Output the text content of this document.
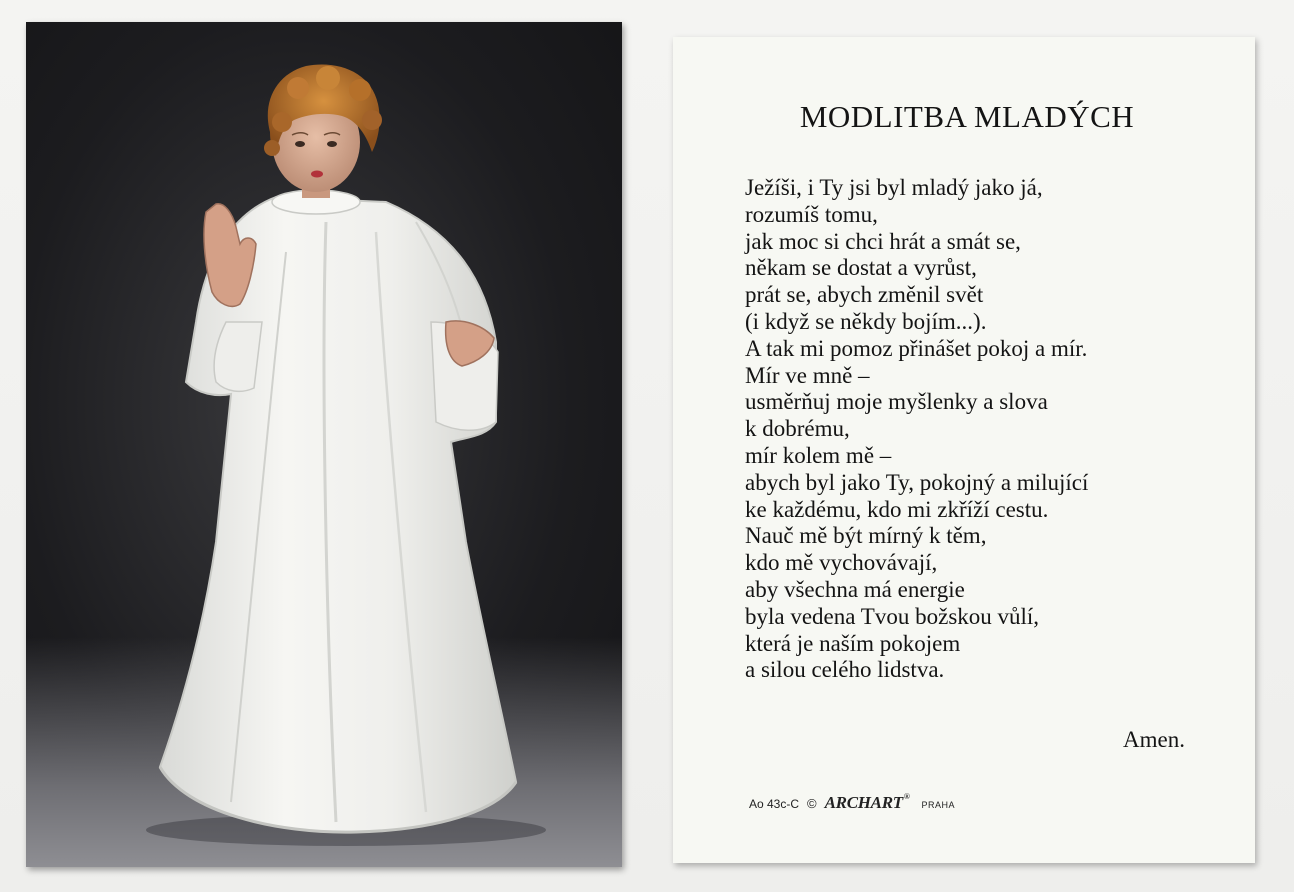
MODLITBA MLADÝCH
Ježíši, i Ty jsi byl mladý jako já,
rozumíš tomu,
jak moc si chci hrát a smát se,
někam se dostat a vyrůst,
prát se, abych změnil svět
(i když se někdy bojím...).
A tak mi pomoz přinášet pokoj a mír.
Mír ve mně –
usměrňuj moje myšlenky a slova
k dobrému,
mír kolem mě –
abych byl jako Ty, pokojný a milující
ke každému, kdo mi zkříží cestu.
Nauč mě být mírný k těm,
kdo mě vychovávají,
aby všechna má energie
byla vedena Tvou božskou vůlí,
která je naším pokojem
a silou celého lidstva.
Amen.
Ao 43c-C © ARCHART®
PRAHA
